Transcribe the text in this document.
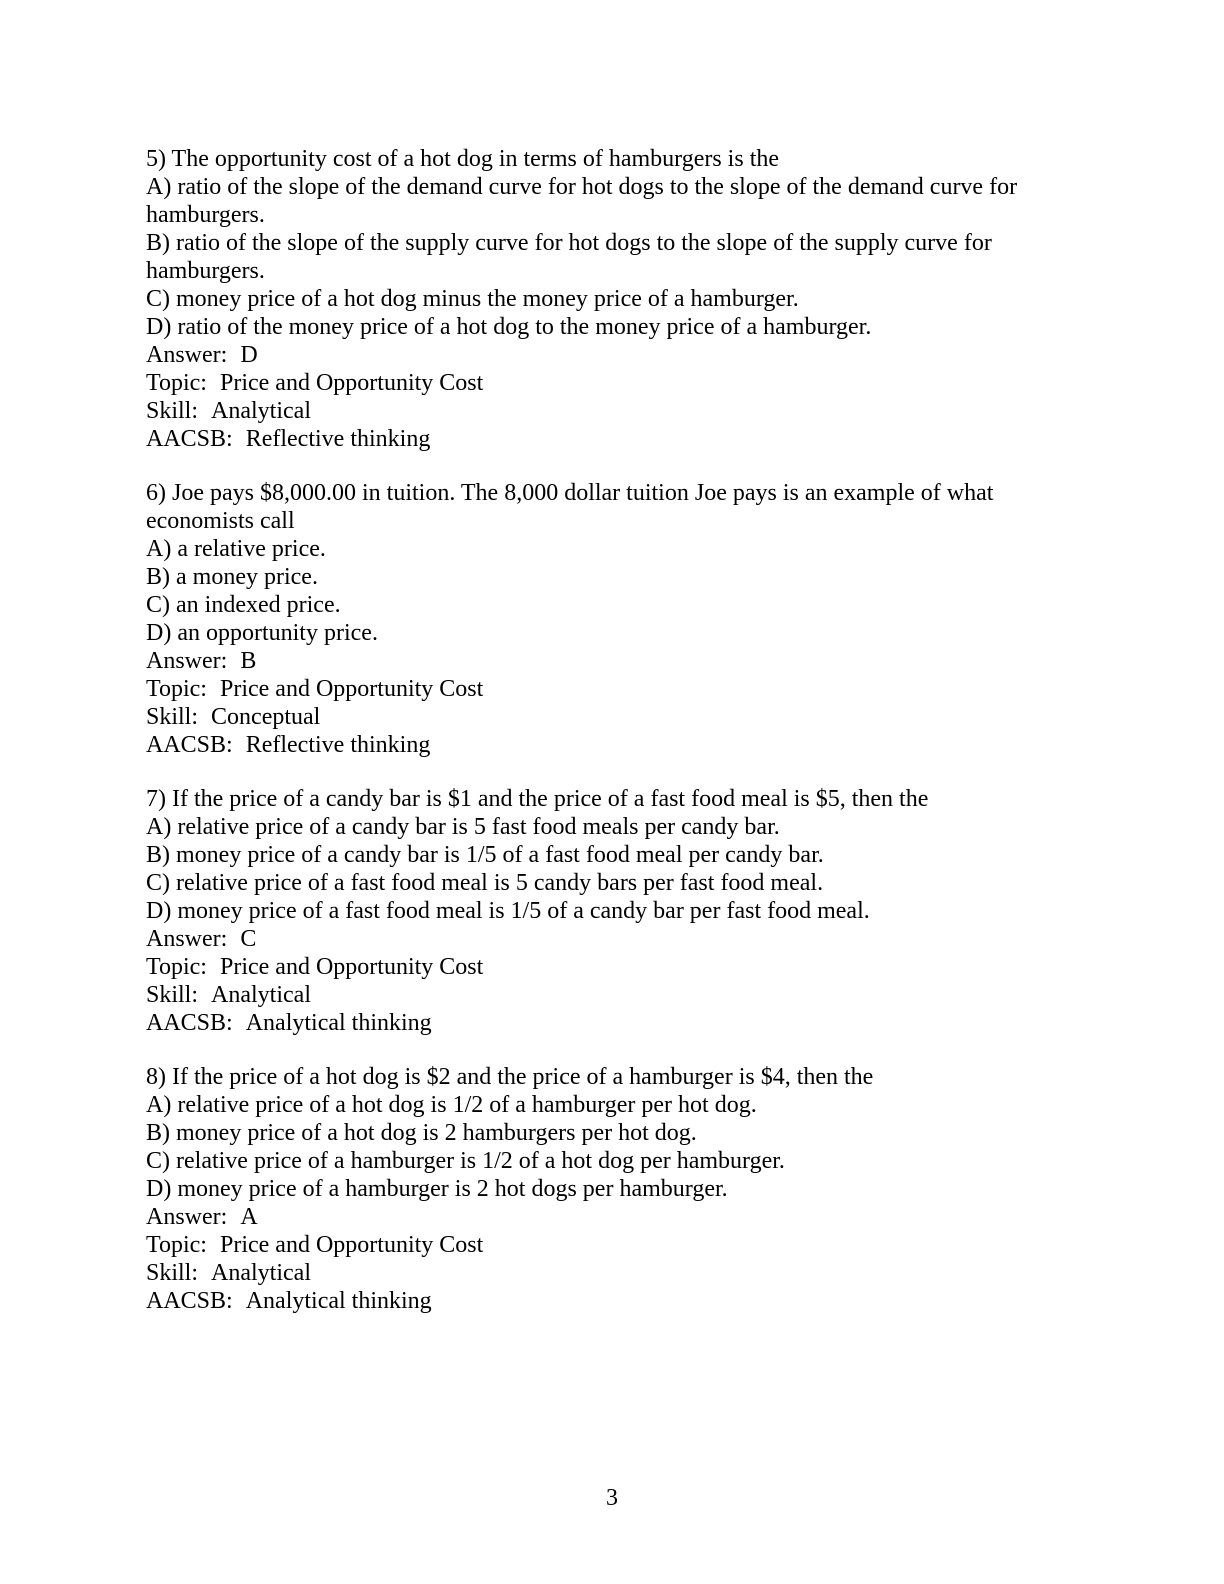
5) The opportunity cost of a hot dog in terms of hamburgers is the

A) ratio of the slope of the demand curve for hot dogs to the slope of the demand curve for hamburgers.

B) ratio of the slope of the supply curve for hot dogs to the slope of the supply curve for hamburgers.

C) money price of a hot dog minus the money price of a hamburger.

D) ratio of the money price of a hot dog to the money price of a hamburger.

Answer: D

Topic: Price and Opportunity Cost

Skill: Analytical

AACSB: Reflective thinking

6) Joe pays $8,000.00 in tuition. The 8,000 dollar tuition Joe pays is an example of what economists call

A) a relative price.

B) a money price.

C) an indexed price.

D) an opportunity price.

Answer: B

Topic: Price and Opportunity Cost

Skill: Conceptual

AACSB: Reflective thinking

7) If the price of a candy bar is $1 and the price of a fast food meal is $5, then the

A) relative price of a candy bar is 5 fast food meals per candy bar.

B) money price of a candy bar is 1/5 of a fast food meal per candy bar.

C) relative price of a fast food meal is 5 candy bars per fast food meal.

D) money price of a fast food meal is 1/5 of a candy bar per fast food meal.

Answer: C

Topic: Price and Opportunity Cost

Skill: Analytical

AACSB: Analytical thinking

8) If the price of a hot dog is $2 and the price of a hamburger is $4, then the

A) relative price of a hot dog is 1/2 of a hamburger per hot dog.

B) money price of a hot dog is 2 hamburgers per hot dog.

C) relative price of a hamburger is 1/2 of a hot dog per hamburger.

D) money price of a hamburger is 2 hot dogs per hamburger.

Answer: A

Topic: Price and Opportunity Cost

Skill: Analytical

AACSB: Analytical thinking

3
